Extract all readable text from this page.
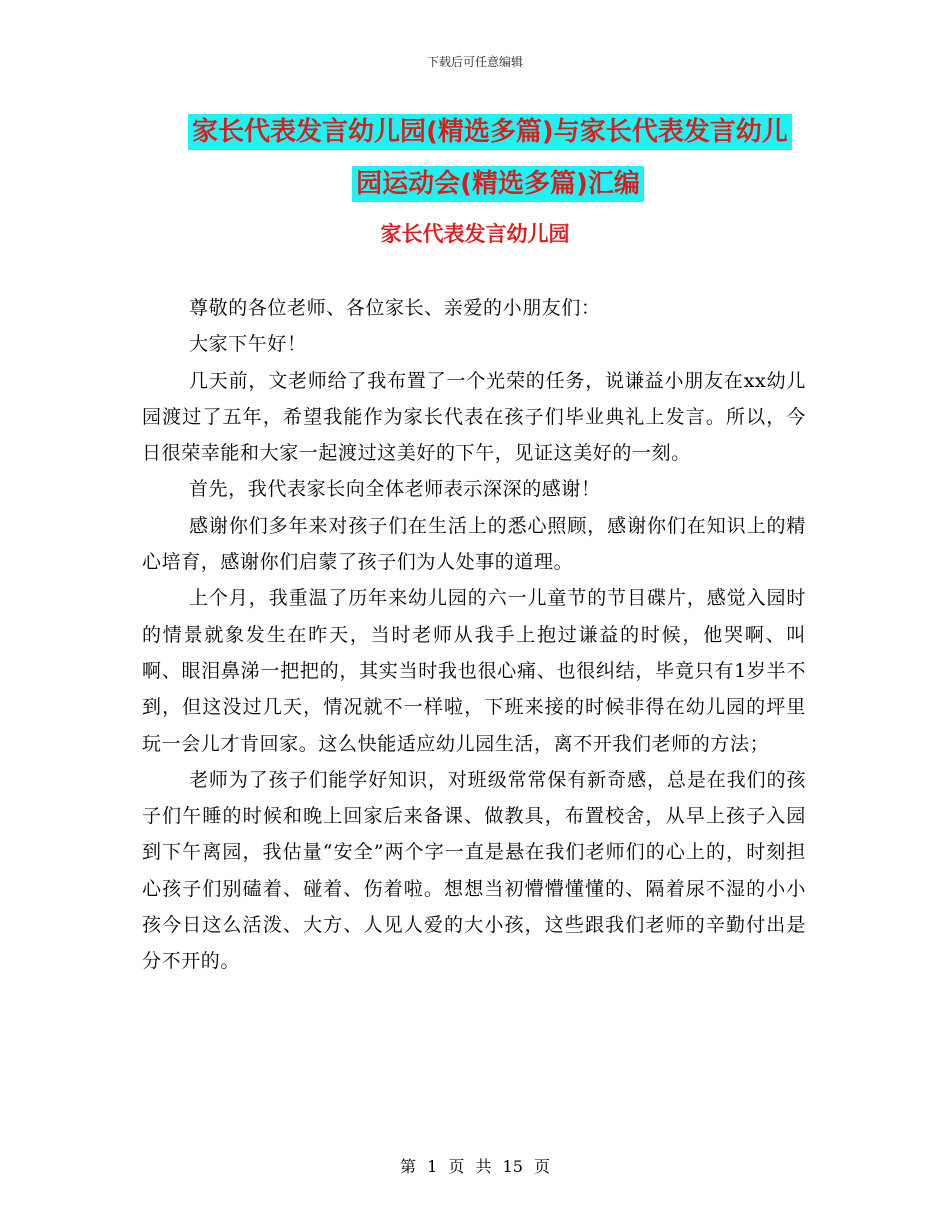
下载后可任意编辑
家长代表发言幼儿园(精选多篇)与家长代表发言幼儿
园运动会(精选多篇)汇编
家长代表发言幼儿园

尊敬的各位老师、各位家长、亲爱的小朋友们：

大家下午好！

几天前，文老师给了我布置了一个光荣的任务，说谦益小朋友在xx幼儿园渡过了五年，希望我能作为家长代表在孩子们毕业典礼上发言。所以，今日很荣幸能和大家一起渡过这美好的下午，见证这美好的一刻。

首先，我代表家长向全体老师表示深深的感谢！

感谢你们多年来对孩子们在生活上的悉心照顾，感谢你们在知识上的精心培育，感谢你们启蒙了孩子们为人处事的道理。

上个月，我重温了历年来幼儿园的六一儿童节的节目碟片，感觉入园时的情景就象发生在昨天，当时老师从我手上抱过谦益的时候，他哭啊、叫啊、眼泪鼻涕一把把的，其实当时我也很心痛、也很纠结，毕竟只有1岁半不到，但这没过几天，情况就不一样啦，下班来接的时候非得在幼儿园的坪里玩一会儿才肯回家。这么快能适应幼儿园生活，离不开我们老师的方法；

老师为了孩子们能学好知识，对班级常常保有新奇感，总是在我们的孩子们午睡的时候和晚上回家后来备课、做教具，布置校舍，从早上孩子入园到下午离园，我估量“安全”两个字一直是悬在我们老师们的心上的，时刻担心孩子们别磕着、碰着、伤着啦。想想当初懵懵懂懂的、隔着尿不湿的小小孩今日这么活泼、大方、人见人爱的大小孩，这些跟我们老师的辛勤付出是分不开的。

第 1 页 共 15 页
